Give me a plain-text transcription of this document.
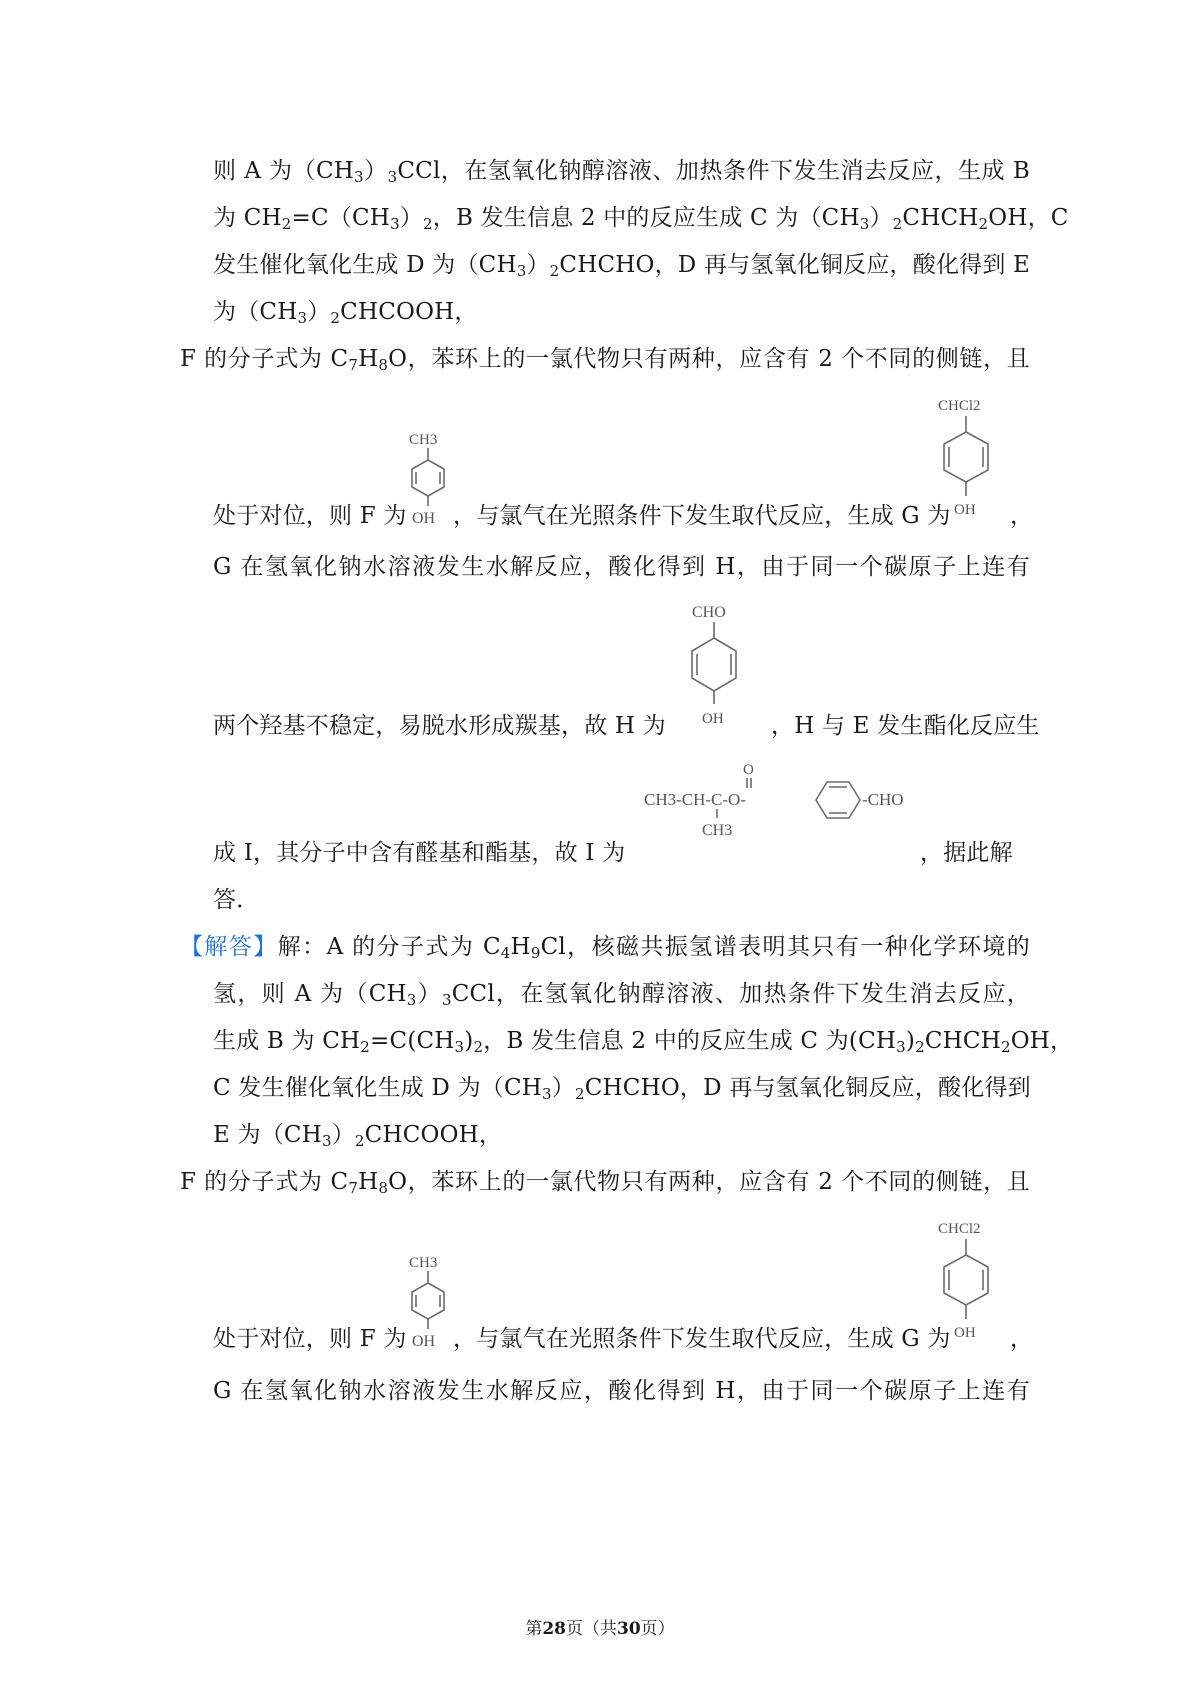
则 A 为$(CH_3)_3CCl$，在氢氧化钠醇溶液、加热条件下发生消去反应，生成 B
为 $CH_2=C(CH_3)_2$，B 发生信息 2 中的反应生成 C 为$(CH_3)_2CHCH_2OH$，C
发生催化氧化生成 D 为$(CH_3)_2CHCHO$，D 再与氢氧化铜反应，酸化得到 E
为$(CH_3)_2CHCOOH$，
F 的分子式为 $C_7H_8O$，苯环上的一氯代物只有两种，应含有 2 个不同的侧链，且
处于对位，则 F 为
CH3
OH ，与氯气在光照条件下发生取代反应，生成 G 为
CHCl2
OH ，
G 在氢氧化钠水溶液发生水解反应，酸化得到 H，由于同一个碳原子上连有
CHO
OH
两个羟基不稳定，易脱水形成羰基，故 H 为	，H 与 E 发生酯化反应生
O
CH3-CH-C-O-
CH3
-CHO
成 I，其分子中含有醛基和酯基，故 I 为	，据此解
答．
【解答】解：A 的分子式为 $C_4H_9Cl$，核磁共振氢谱表明其只有一种化学环境的
氢，则 A 为$(CH_3)_3CCl$，在氢氧化钠醇溶液、加热条件下发生消去反应，
生成 B 为 $CH_2=C(CH_3)_2$，B 发生信息 2 中的反应生成 C 为$(CH_3)_2CHCH_2OH$，
C 发生催化氧化生成 D 为$(CH_3)_2CHCHO$，D 再与氢氧化铜反应，酸化得到
E 为$(CH_3)_2CHCOOH$，
F 的分子式为 $C_7H_8O$，苯环上的一氯代物只有两种，应含有 2 个不同的侧链，且
处于对位，则 F 为
CH3
OH ，与氯气在光照条件下发生取代反应，生成 G 为
CHCl2
OH ，
G 在氢氧化钠水溶液发生水解反应，酸化得到 H，由于同一个碳原子上连有
第28页（共30页）
